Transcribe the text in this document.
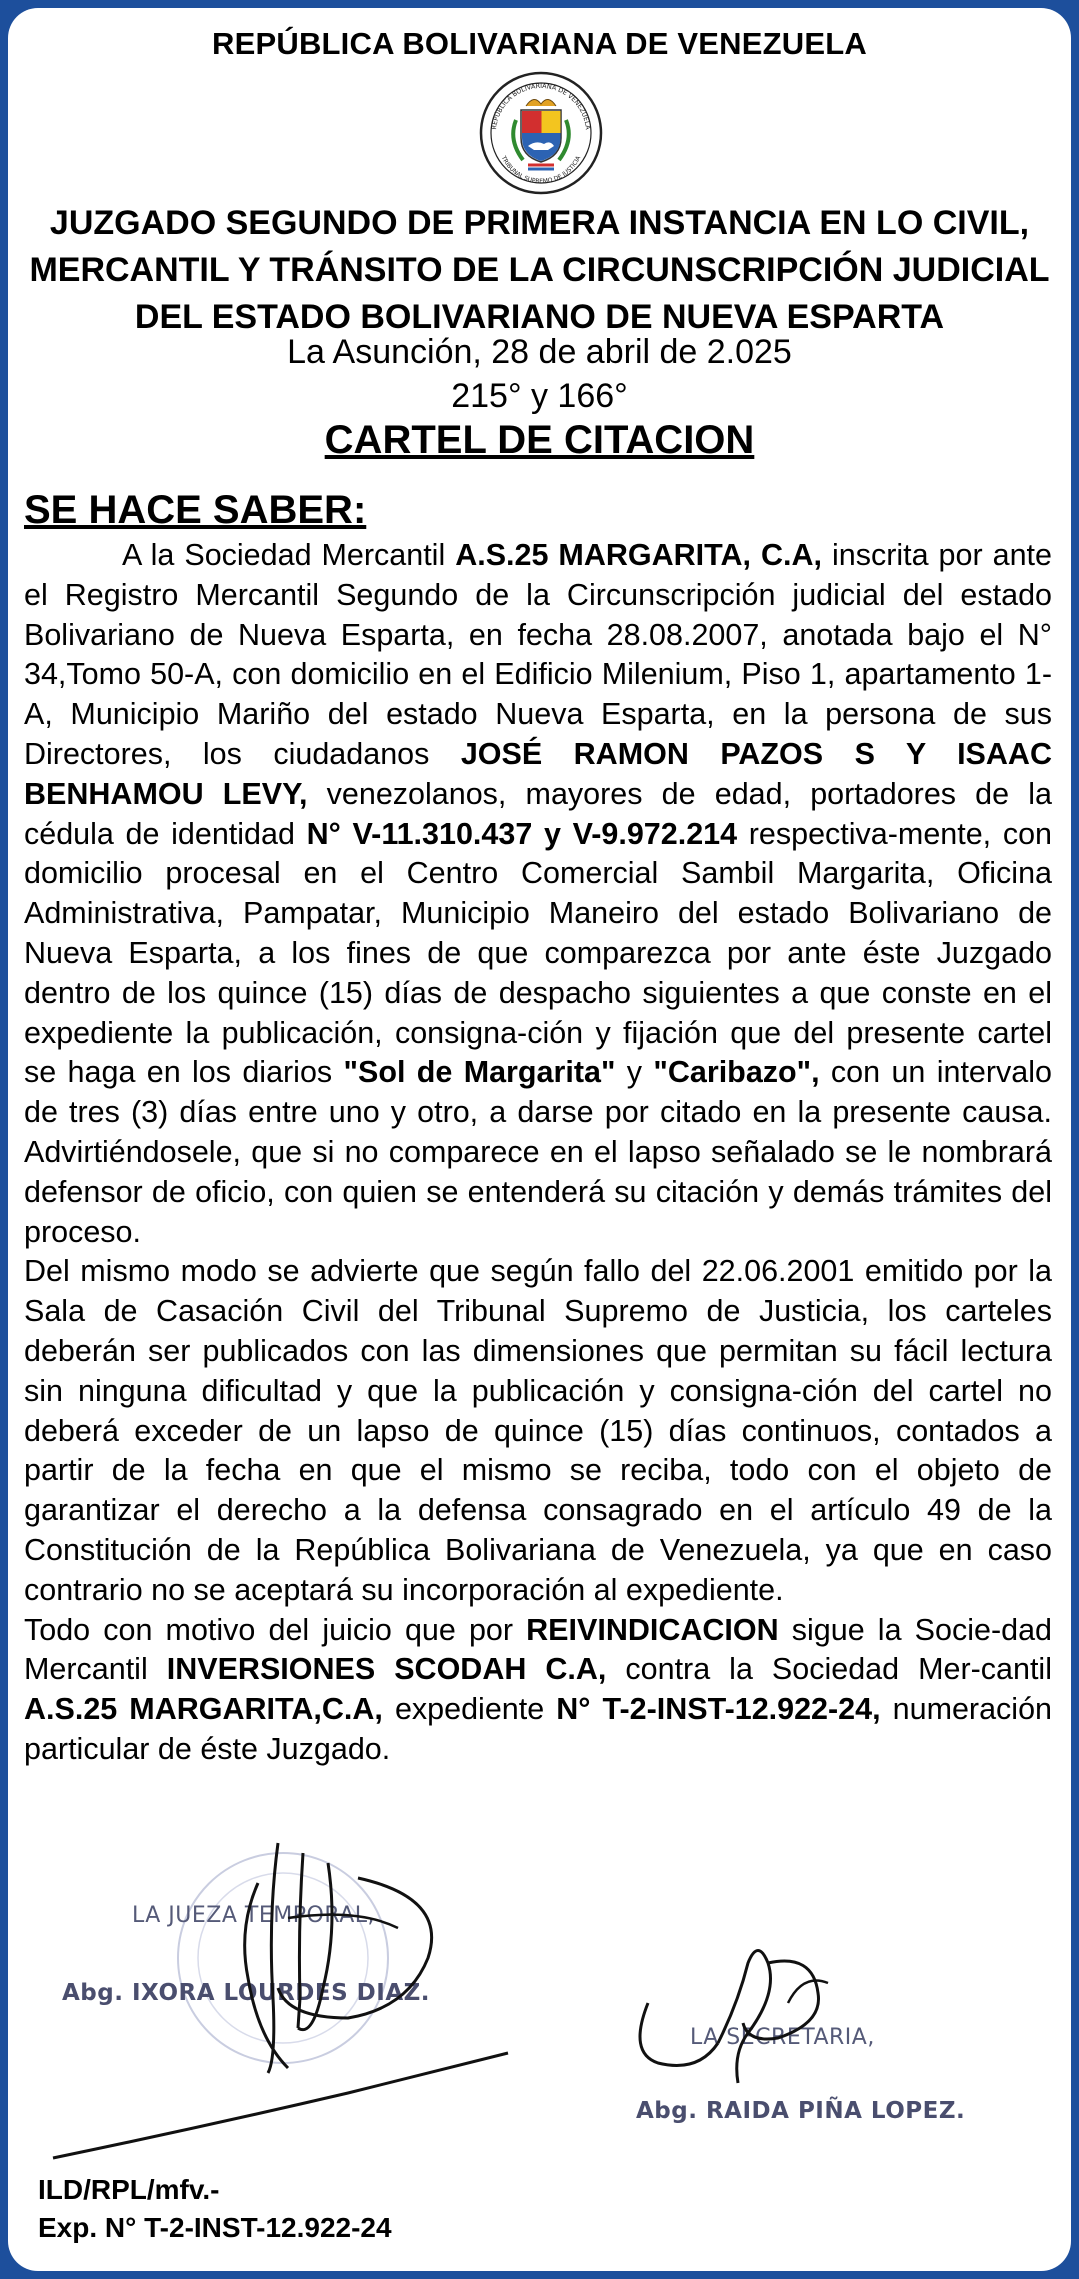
REPÚBLICA BOLIVARIANA DE VENEZUELA
REPÚBLICA BOLIVARIANA DE VENEZUELA
TRIBUNAL SUPREMO DE JUSTICIA
JUZGADO SEGUNDO DE PRIMERA INSTANCIA EN LO CIVIL,
MERCANTIL Y TRÁNSITO DE LA CIRCUNSCRIPCIÓN JUDICIAL
DEL ESTADO BOLIVARIANO DE NUEVA ESPARTA
La Asunción, 28 de abril de 2.025
215° y 166°
CARTEL DE CITACION
SE HACE SABER:

A la Sociedad Mercantil A.S.25 MARGARITA, C.A, inscrita por ante el Registro Mercantil Segundo de la Circunscripción judicial del estado Bolivariano de Nueva Esparta, en fecha 28.08.2007, anotada bajo el N° 34,Tomo 50-A, con domicilio en el Edificio Milenium, Piso 1, apartamento 1-A, Municipio Mariño del estado Nueva Esparta, en la persona de sus Directores, los ciudadanos JOSÉ RAMON PAZOS S Y ISAAC BENHAMOU LEVY, venezolanos, mayores de edad, portadores de la cédula de identidad N° V-11.310.437 y V-9.972.214 respectiva-mente, con domicilio procesal en el Centro Comercial Sambil Margarita, Oficina Administrativa, Pampatar, Municipio Maneiro del estado Bolivariano de Nueva Esparta, a los fines de que comparezca por ante éste Juzgado dentro de los quince (15) días de despacho siguientes a que conste en el expediente la publicación, consigna-ción y fijación que del presente cartel se haga en los diarios "Sol de Margarita" y "Caribazo", con un intervalo de tres (3) días entre uno y otro, a darse por citado en la presente causa. Advirtiéndosele, que si no comparece en el lapso señalado se le nombrará defensor de oficio, con quien se entenderá su citación y demás trámites del proceso.

Del mismo modo se advierte que según fallo del 22.06.2001 emitido por la Sala de Casación Civil del Tribunal Supremo de Justicia, los carteles deberán ser publicados con las dimensiones que permitan su fácil lectura sin ninguna dificultad y que la publicación y consigna-ción del cartel no deberá exceder de un lapso de quince (15) días continuos, contados a partir de la fecha en que el mismo se reciba, todo con el objeto de garantizar el derecho a la defensa consagrado en el artículo 49 de la Constitución de la República Bolivariana de Venezuela, ya que en caso contrario no se aceptará su incorporación al expediente.

Todo con motivo del juicio que por REIVINDICACION sigue la Socie-dad Mercantil INVERSIONES SCODAH C.A, contra la Sociedad Mer-cantil A.S.25 MARGARITA,C.A, expediente N° T-2-INST-12.922-24, numeración particular de éste Juzgado.

LA JUEZA TEMPORAL,
Abg. IXORA LOURDES DIAZ.
LA SECRETARIA,
Abg. RAIDA PIÑA LOPEZ.
ILD/RPL/mfv.-
Exp. N° T-2-INST-12.922-24
